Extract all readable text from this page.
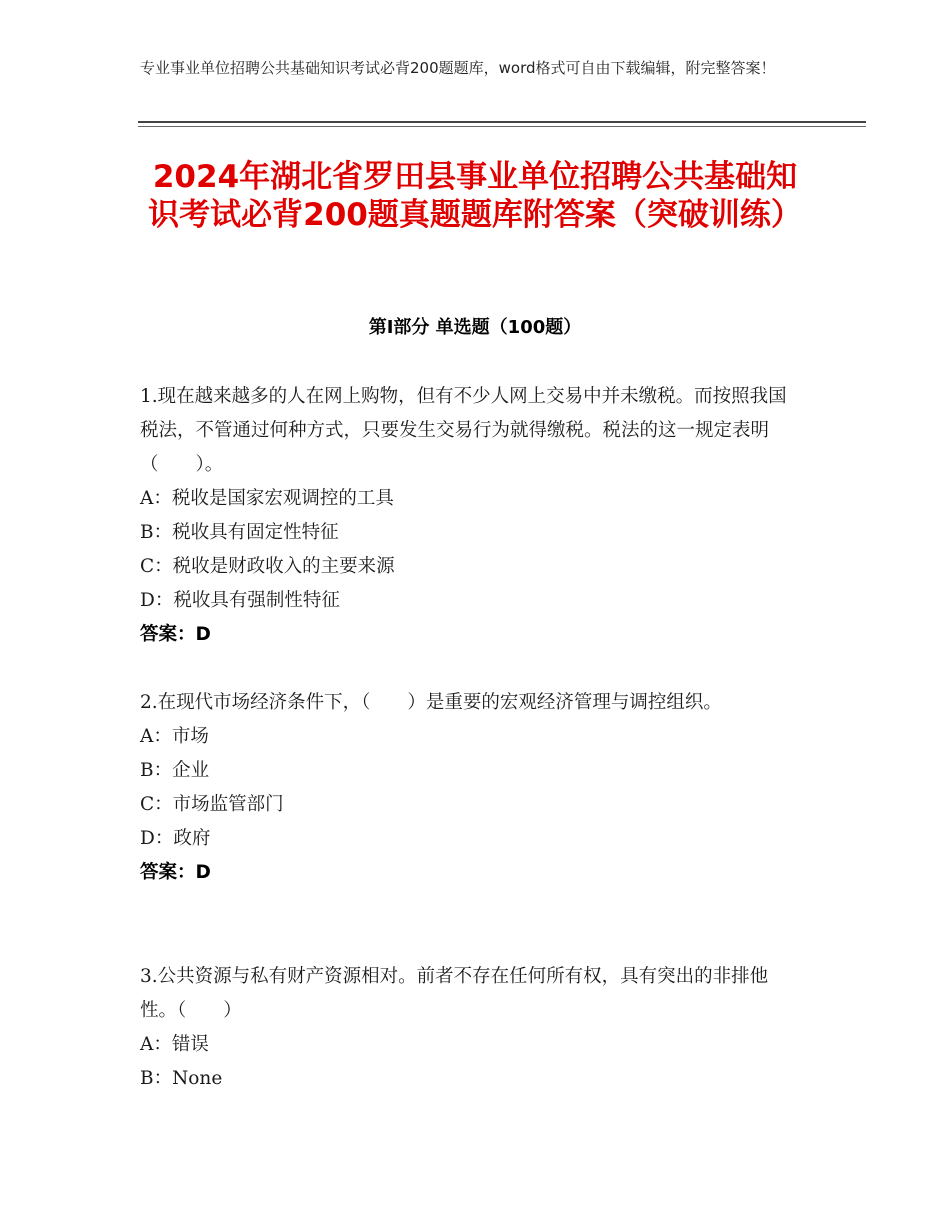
专业事业单位招聘公共基础知识考试必背200题题库，word格式可自由下载编辑，附完整答案！
2024年湖北省罗田县事业单位招聘公共基础知识考试必背200题真题题库附答案（突破训练）
第Ⅰ部分 单选题（100题）
1.现在越来越多的人在网上购物，但有不少人网上交易中并未缴税。而按照我国税法，不管通过何种方式，只要发生交易行为就得缴税。税法的这一规定表明（　　）。
A：税收是国家宏观调控的工具
B：税收具有固定性特征
C：税收是财政收入的主要来源
D：税收具有强制性特征
答案：D
2.在现代市场经济条件下，（　　）是重要的宏观经济管理与调控组织。
A：市场
B：企业
C：市场监管部门
D：政府
答案：D
3.公共资源与私有财产资源相对。前者不存在任何所有权，具有突出的非排他性。（　　）
A：错误
B：None
